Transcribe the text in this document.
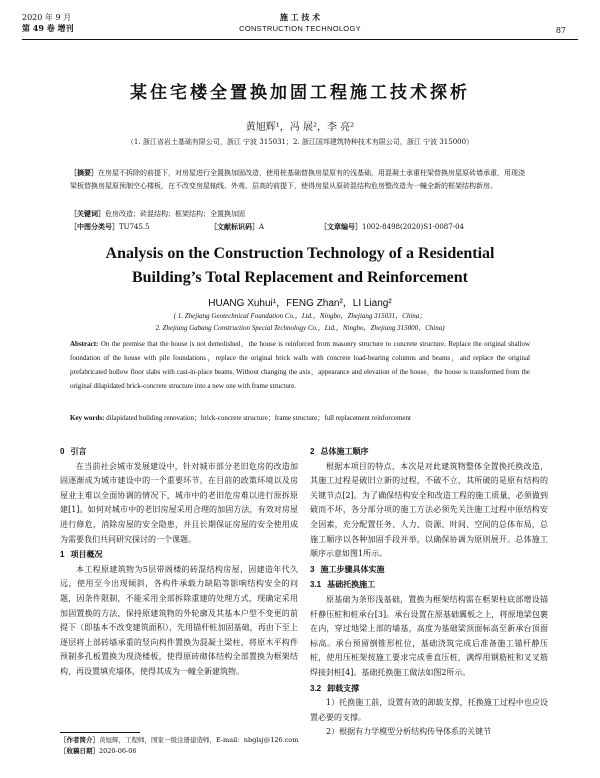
2020 年 9 月
第 49 卷 增刊
施 工 技 术
CONSTRUCTION TECHNOLOGY	87
某住宅楼全置换加固工程施工技术探析
黄旭辉¹，冯 展²，李 亮²
（1. 浙江省岩土基础有限公司，浙江 宁波 315031；2. 浙江国邦建筑特种技术有限公司，浙江 宁波 315000）
［摘要］在房屋不拆除的前提下，对房屋进行全置换加固改造，使用桩基础替换房屋原有的浅基础，用混凝土承重柱梁替换房屋原砖墙承重，用现浇梁板替换房屋原预制空心楼板，在不改变房屋轴线、外观、层高的前提下，使得房屋从原砖混结构危房整改造为一幢全新的框架结构新房。
［关键词］危房改造；砖混结构；框架结构；全置换加固
［中图分类号］TU745.5	［文献标识码］A	［文章编号］1002-8498(2020)S1-0087-04
Analysis on the Construction Technology of a Residential
Building’s Total Replacement and Reinforcement
HUANG Xuhui¹，FENG Zhan²，LI Liang²
( 1. Zhejiang Geotechnical Foundation Co.，Ltd.，Ningbo，Zhejiang 315031，China；
2. Zhejiang Gabang Construction Special Technology Co.，Ltd.，Ningbo，Zhejiang 315000，China)
Abstract: On the premise that the house is not demolished，the house is reinforced from masonry structure to concrete structure. Replace the original shallow foundation of the house with pile foundations，replace the original brick walls with concrete load-bearing columns and beams，and replace the original prefabricated hollow floor slabs with cast-in-place beams. Without changing the axis，appearance and elevation of the house，the house is transformed from the original dilapidated brick-concrete structure into a new one with frame structure.
Key words: dilapidated building renovation；brick-concrete structure；frame structure；full replacement reinforcement

0 引言

在当前社会城市发展建设中，针对城市部分老旧危房的改造加固逐渐成为城市建设中的一个重要环节。在目前的政策环境以及房屋业主难以全面协调的情况下，城市中的老旧危房难以进行原拆原建[1]。如何对城市中的老旧房屋采用合理的加固方法，有效对房屋进行修危，消除房屋的安全隐患，并且长期保证房屋的安全使用成为需要我们共同研究探讨的一个课题。

1 项目概况

本工程原建筑物为5层带阁楼的砖混结构房屋，因建造年代久远，使用至今出现倾斜，各构件承载力缺陷等影响结构安全的问题，因条件限制，不能采用全部拆除重建的处理方式，现确定采用加固置换的方法，保持原建筑物的外轮廓及其基本户型不变更的前提下（即基本不改变建筑面积），先用锚杆桩加固基础，再由下至上逐层将上部砖墙承重的竖向构件置换为混凝土梁柱，将原木平构件预制多孔板置换为现浇楼板，使得原砖砌体结构全部置换为框架结构，再设置填充墙体，使得其成为一幢全新建筑物。

［作者简介］黄旭辉，工程师，国家一级注册建造师，E-mail：nbglsj@126.com
［收稿日期］2020-06-06

2 总体施工顺序

根据本项目的特点，本次是对此建筑物整体全置换托换改造，其施工过程是破旧立新的过程，不破不立，其所破的是原有结构的关键节点[2]。为了确保结构安全和改造工程的施工质量，必须做到破而不坏，各分部分项的施工方法必须先关注施工过程中原结构安全因素，充分配置任务、人力、资源、时间、空间的总体布局，总施工顺序以各种加固手段并举，以确保协调为原则展开。总体施工顺序示意如图1所示。

3 施工步骤具体实施

3.1 基础托换施工

原基础为条形浅基础，置换为框架结构需在框架柱底部增设锚杆静压桩和桩承台[3]。承台设置在原基础翼板之上，将原地梁包裹在内，穿过地梁上部的墙基，高度为基础梁顶面标高至新承台顶面标高。承台预留倒锥形桩位，基础浇筑完成后准备施工锚杆静压桩，使用压桩架按施工要求完成垂直压桩，满焊用钢筋桩和叉叉筋焊接封桩[4]。基础托换施工做法如图2所示。

3.2 卸载支撑

1）托换施工前，设置有效的卸载支撑，托换施工过程中也应设置必要的支撑。

2）根据有力学模型分析结构传导体系的关键节
